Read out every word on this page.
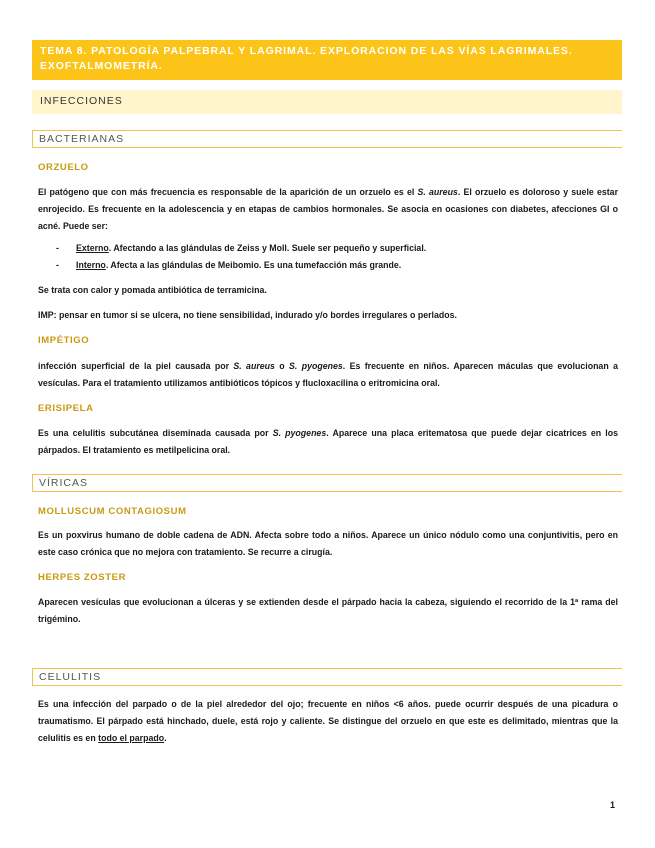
TEMA 8. PATOLOGÍA PALPEBRAL Y LAGRIMAL. EXPLORACION DE LAS VÍAS LAGRIMALES.
EXOFTALMOMETRÍA.
INFECCIONES
BACTERIANAS
ORZUELO
El patógeno que con más frecuencia es responsable de la aparición de un orzuelo es el S. aureus. El orzuelo es doloroso y suele estar enrojecido. Es frecuente en la adolescencia y en etapas de cambios hormonales. Se asocia en ocasiones con diabetes, afecciones GI o acné. Puede ser:
- Externo. Afectando a las glándulas de Zeiss y Moll. Suele ser pequeño y superficial.
- Interno. Afecta a las glándulas de Meibomio. Es una tumefacción más grande.
Se trata con calor y pomada antibiótica de terramicina.
IMP: pensar en tumor si se ulcera, no tiene sensibilidad, indurado y/o bordes irregulares o perlados.
IMPÉTIGO
infección superficial de la piel causada por S. aureus o S. pyogenes. Es frecuente en niños. Aparecen máculas que evolucionan a vesículas. Para el tratamiento utilizamos antibióticos tópicos y flucloxacilina o eritromicina oral.
ERISIPELA
Es una celulitis subcutánea diseminada causada por S. pyogenes. Aparece una placa eritematosa que puede dejar cicatrices en los párpados. El tratamiento es metilpelicina oral.
VÍRICAS
MOLLUSCUM CONTAGIOSUM
Es un poxvirus humano de doble cadena de ADN. Afecta sobre todo a niños. Aparece un único nódulo como una conjuntivitis, pero en este caso crónica que no mejora con tratamiento. Se recurre a cirugía.
HERPES ZOSTER
Aparecen vesículas que evolucionan a úlceras y se extienden desde el párpado hacia la cabeza, siguiendo el recorrido de la 1ª rama del trigémino.
CELULITIS
Es una infección del parpado o de la piel alrededor del ojo; frecuente en niños <6 años. puede ocurrir después de una picadura o traumatismo. El párpado está hinchado, duele, está rojo y caliente. Se distingue del orzuelo en que este es delimitado, mientras que la celulitis es en todo el parpado.
1
